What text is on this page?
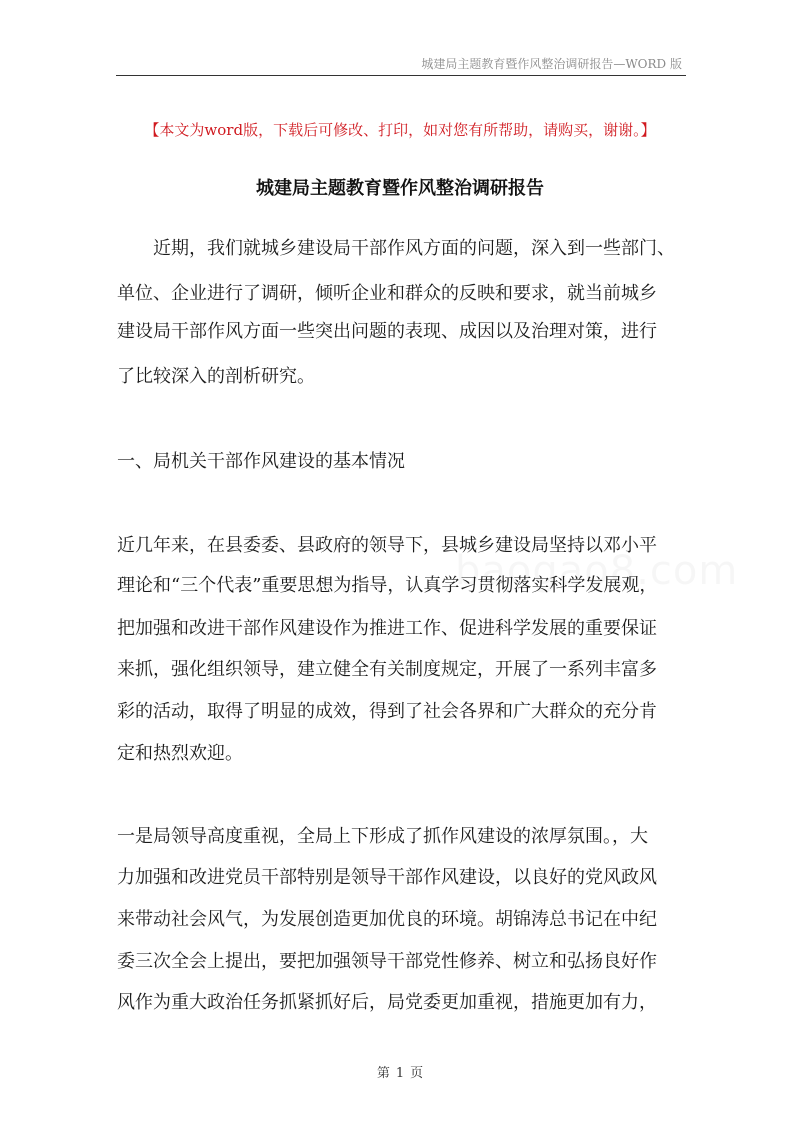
城建局主题教育暨作风整治调研报告—WORD 版
【本文为word版，下载后可修改、打印，如对您有所帮助，请购买，谢谢。】
城建局主题教育暨作风整治调研报告
　　近期，我们就城乡建设局干部作风方面的问题，深入到一些部门、
单位、企业进行了调研，倾听企业和群众的反映和要求，就当前城乡
建设局干部作风方面一些突出问题的表现、成因以及治理对策，进行
了比较深入的剖析研究。
一、局机关干部作风建设的基本情况
近几年来，在县委委、县政府的领导下，县城乡建设局坚持以邓小平
理论和“三个代表”重要思想为指导，认真学习贯彻落实科学发展观，
把加强和改进干部作风建设作为推进工作、促进科学发展的重要保证
来抓，强化组织领导，建立健全有关制度规定，开展了一系列丰富多
彩的活动，取得了明显的成效，得到了社会各界和广大群众的充分肯
定和热烈欢迎。
一是局领导高度重视，全局上下形成了抓作风建设的浓厚氛围。，大
力加强和改进党员干部特别是领导干部作风建设，以良好的党风政风
来带动社会风气，为发展创造更加优良的环境。胡锦涛总书记在中纪
委三次全会上提出，要把加强领导干部党性修养、树立和弘扬良好作
风作为重大政治任务抓紧抓好后，局党委更加重视，措施更加有力，
第 1 页
